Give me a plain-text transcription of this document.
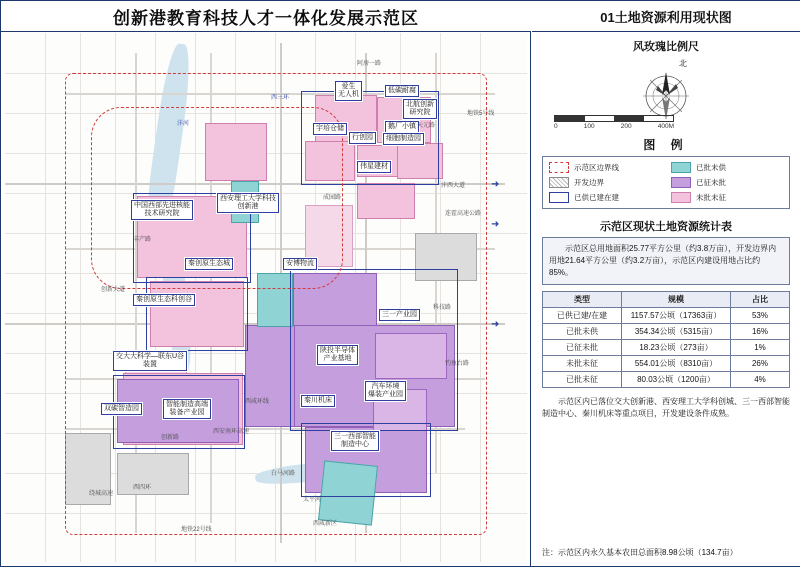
创新港教育科技人才一体化发展示范区
➜
➜
➜
爱生
无人机
低碳耐腐
北航创新
研究院
鹅厂小镇
宇培仓储
细胞制造园
行创园
伟星建材
中国西部先进核能
技术研究院
西安理工大学科技
创新港
秦创原生态城	安博物流
秦创原生态科创谷
三一产业园
陕投半导体
产业基地
交大大科学—联东U谷
装置
秦川机床
汽车环境
爆装产业园
双碳智造园
智能制造高端
装备产业园
三一西部智能
制造中心
阿房一路
西三环
地铁5号线
天元路
沣西大道
连霍高速公路
成园路
科技路
钓鱼台路
丰产路
创新大道
创新路
西安南环高速
西咸环线
白马河路
太平河
西咸新区
西四环
绕城高速
地铁22号线
沣河
01土地资源利用现状图
风玫瑰比例尺
北
0	100	200	400M
图 例
示范区边界线
开发边界
已供已建在建
已批未供
已征未批
未批未征
示范区现状土地资源统计表
示范区总用地面积25.77平方公里（约3.8万亩），开发边界内用地21.64平方公里（约3.2万亩），示范区内建设用地占比约85%。
类型	规模	占比
已供已建/在建	1157.57公顷（17363亩）	53%
已批未供	354.34公顷（5315亩）	16%
已征未批	18.23公顷（273亩）	1%
未批未征	554.01公顷（8310亩）	26%
已批未征	80.03公顷（1200亩）	4%
示范区内已落位交大创新港、西安理工大学科创城、三一西部智能制造中心、秦川机床等重点项目，开发建设条件成熟。
注：示范区内永久基本农田总面积8.98公顷（134.7亩）
